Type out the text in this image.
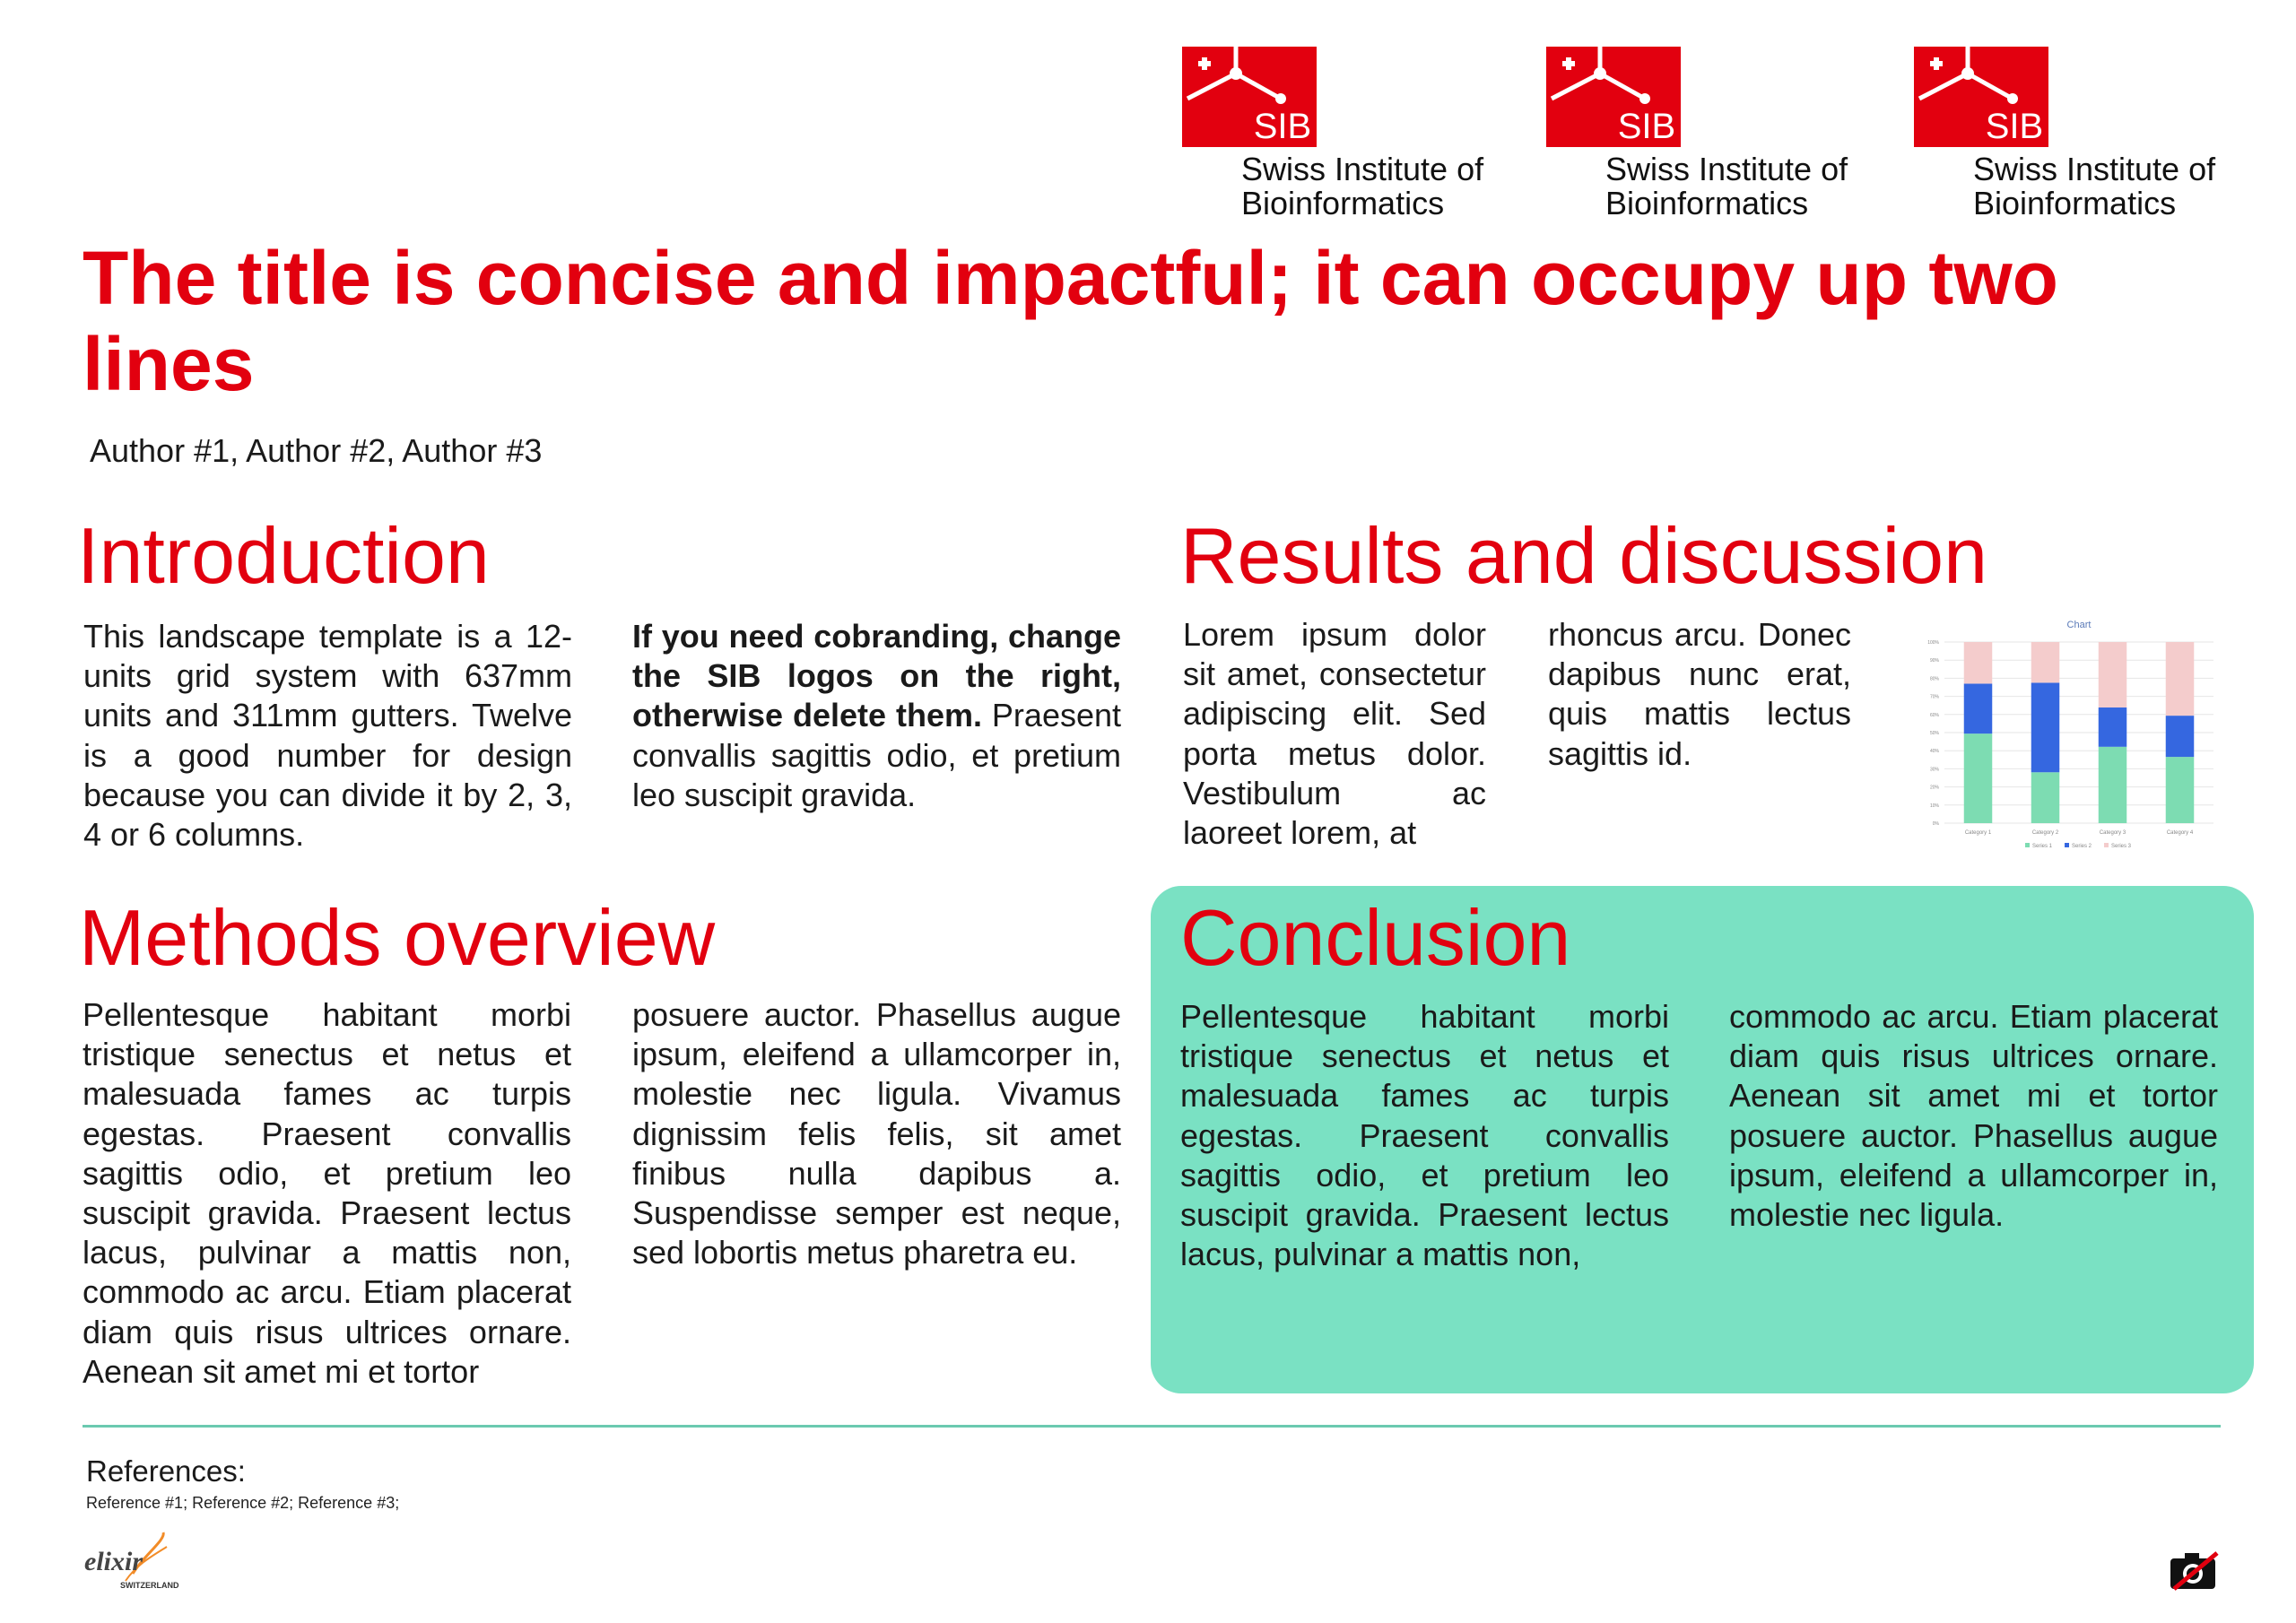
SIB
Swiss Institute of
Bioinformatics
SIB
Swiss Institute of
Bioinformatics
SIB
Swiss Institute of
Bioinformatics
The title is concise and impactful; it can occupy up two lines
Author #1, Author #2, Author #3
Introduction
This landscape template is a 12-units grid system with 637mm units and 311mm gutters. Twelve is a good number for design because you can divide it by 2, 3, 4 or 6 columns.
If you need cobranding, change the SIB logos on the right, otherwise delete them. Praesent convallis sagittis odio, et pretium leo suscipit gravida.
Results and discussion
Lorem ipsum dolor sit amet, consectetur adipiscing elit. Sed porta metus dolor. Vestibulum ac laoreet lorem, at
rhoncus arcu. Donec dapibus nunc erat, quis mattis lectus sagittis id.
Chart
0%
10%
20%
30%
40%
50%
60%
70%
80%
90%
100%
Category 1	Category 2	Category 3	Category 4
Series 1	Series 2	Series 3
Methods overview
Pellentesque habitant morbi tristique senectus et netus et malesuada fames ac turpis egestas. Praesent convallis sagittis odio, et pretium leo suscipit gravida. Praesent lectus lacus, pulvinar a mattis non, commodo ac arcu. Etiam placerat diam quis risus ultrices ornare. Aenean sit amet mi et tortor
posuere auctor. Phasellus augue ipsum, eleifend a ullamcorper in, molestie nec ligula. Vivamus dignissim felis felis, sit amet finibus nulla dapibus a. Suspendisse semper est neque, sed lobortis metus pharetra eu.
Conclusion
Pellentesque habitant morbi tristique senectus et netus et malesuada fames ac turpis egestas. Praesent convallis sagittis odio, et pretium leo suscipit gravida. Praesent lectus lacus, pulvinar a mattis non,
commodo ac arcu. Etiam placerat diam quis risus ultrices ornare. Aenean sit amet mi et tortor posuere auctor. Phasellus augue ipsum, eleifend a ullamcorper in, molestie nec ligula.
References:
Reference #1; Reference #2; Reference #3;
elixir
SWITZERLAND
